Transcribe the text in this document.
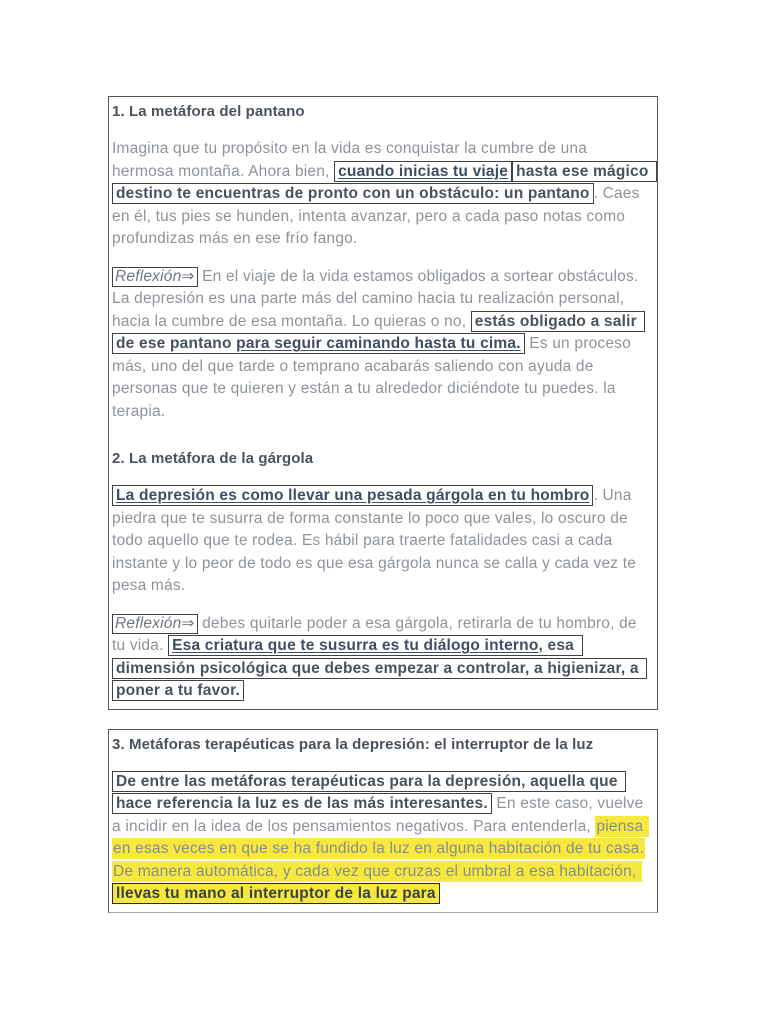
1. La metáfora del pantano

Imagina que tu propósito en la vida es conquistar la cumbre de una hermosa montaña. Ahora bien, cuando inicias tu viaje hasta ese mágico destino te encuentras de pronto con un obstáculo: un pantano . Caes en él, tus pies se hunden, intenta avanzar, pero a cada paso notas como profundizas más en ese frío fango.

Reflexión⇒ En el viaje de la vida estamos obligados a sortear obstáculos. La depresión es una parte más del camino hacia tu realización personal, hacia la cumbre de esa montaña. Lo quieras o no, estás obligado a salir de ese pantano para seguir caminando hasta tu cima. Es un proceso más, uno del que tarde o temprano acabarás saliendo con ayuda de personas que te quieren y están a tu alrededor diciéndote tu puedes. la terapia.

2. La metáfora de la gárgola

La depresión es como llevar una pesada gárgola en tu hombro . Una piedra que te susurra de forma constante lo poco que vales, lo oscuro de todo aquello que te rodea. Es hábil para traerte fatalidades casi a cada instante y lo peor de todo es que esa gárgola nunca se calla y cada vez te pesa más.

Reflexión⇒ debes quitarle poder a esa gárgola, retirarla de tu hombro, de tu vida. Esa criatura que te susurra es tu diálogo interno, esa dimensión psicológica que debes empezar a controlar, a higienizar, a poner a tu favor.

3. Metáforas terapéuticas para la depresión: el interruptor de la luz

De entre las metáforas terapéuticas para la depresión, aquella que hace referencia la luz es de las más interesantes. En este caso, vuelve a incidir en la idea de los pensamientos negativos. Para entenderla, piensa en esas veces en que se ha fundido la luz en alguna habitación de tu casa.
De manera automática, y cada vez que cruzas el umbral a esa habitación, llevas tu mano al interruptor de la luz para
